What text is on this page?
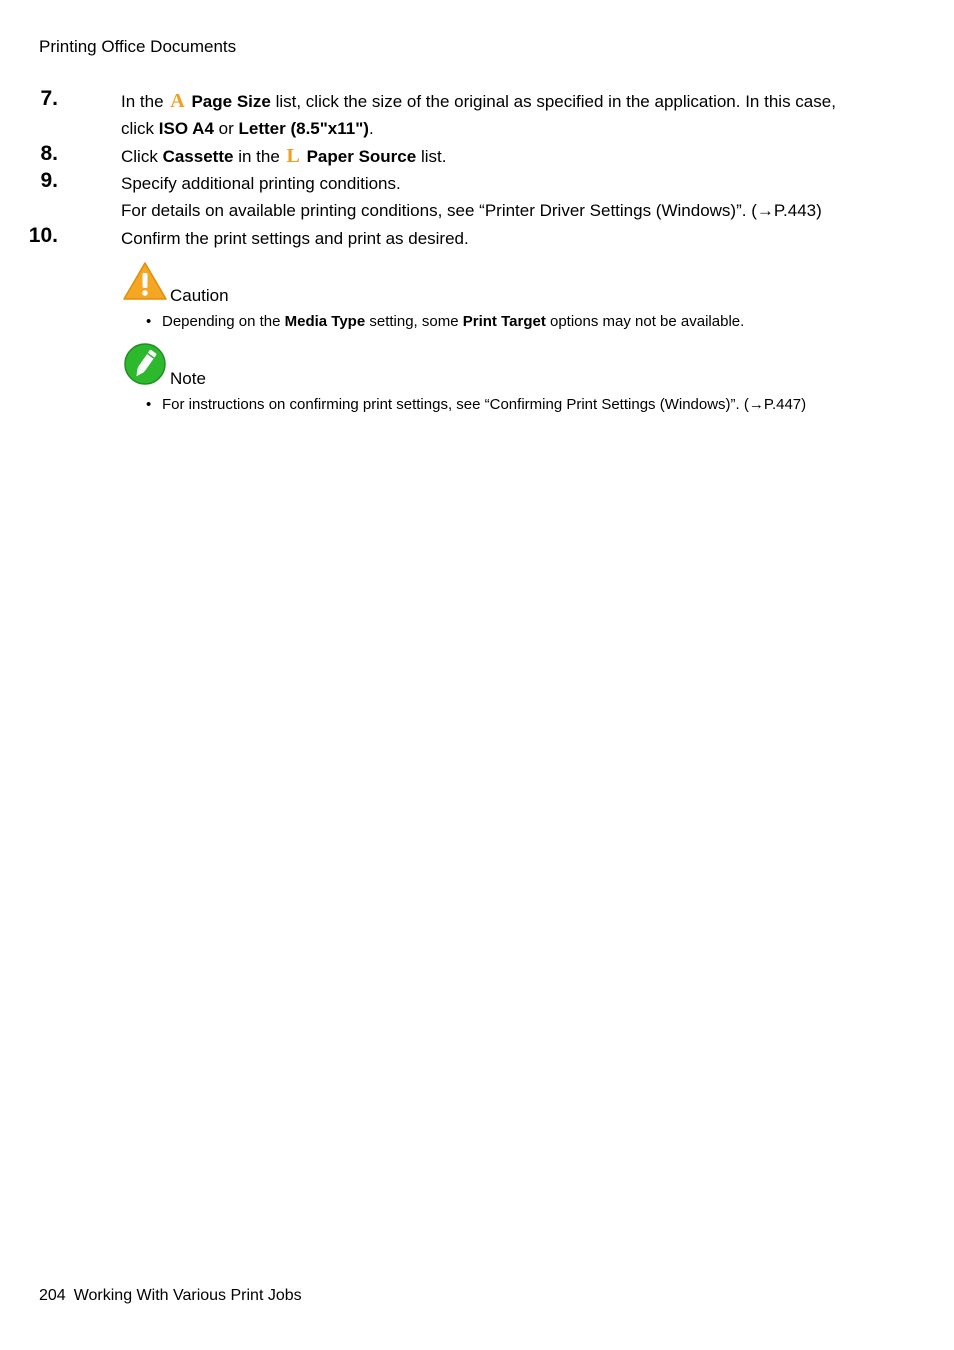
Printing Office Documents
7.	In the A Page Size list, click the size of the original as specified in the application. In this case,
click ISO A4 or Letter (8.5"x11").
8.	Click Cassette in the L Paper Source list.
9.	Specify additional printing conditions.
For details on available printing conditions, see “Printer Driver Settings (Windows)”. (→P.443)
10.	Confirm the print settings and print as desired.
Caution
• Depending on the Media Type setting, some Print Target options may not be available.
Note
• For instructions on confirming print settings, see “Confirming Print Settings (Windows)”. (→P.447)
204 Working With Various Print Jobs
